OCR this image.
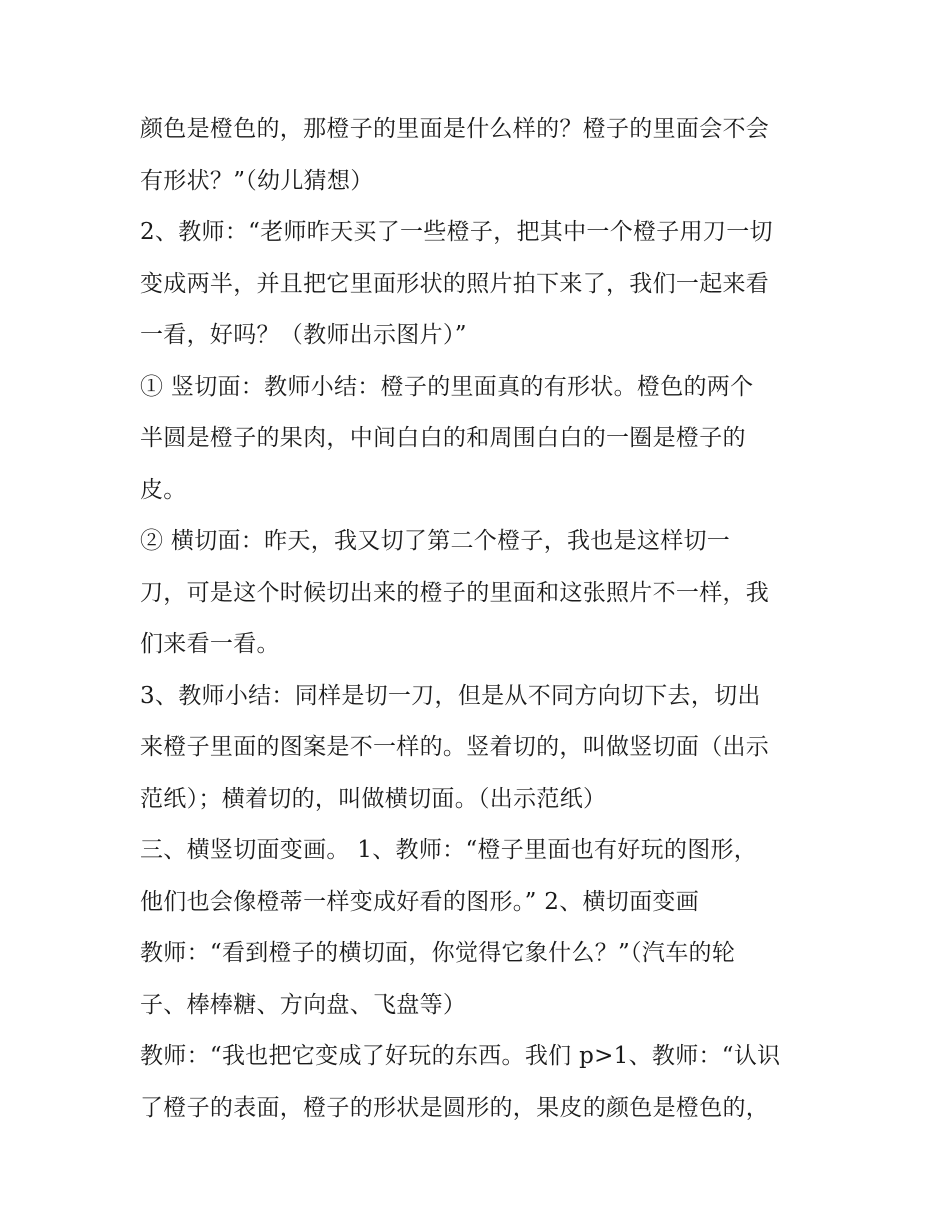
颜色是橙色的，那橙子的里面是什么样的？橙子的里面会不会
有形状？”（幼儿猜想）
2、教师：“老师昨天买了一些橙子，把其中一个橙子用刀一切
变成两半，并且把它里面形状的照片拍下来了，我们一起来看
一看，好吗？（教师出示图片）”
① 竖切面：教师小结：橙子的里面真的有形状。橙色的两个
半圆是橙子的果肉，中间白白的和周围白白的一圈是橙子的
皮。
② 横切面：昨天，我又切了第二个橙子，我也是这样切一
刀，可是这个时候切出来的橙子的里面和这张照片不一样，我
们来看一看。
3、教师小结：同样是切一刀，但是从不同方向切下去，切出
来橙子里面的图案是不一样的。竖着切的，叫做竖切面（出示
范纸）；横着切的，叫做横切面。（出示范纸）
三、横竖切面变画。 1、教师：“橙子里面也有好玩的图形，
他们也会像橙蒂一样变成好看的图形。” 2、横切面变画
教师：“看到橙子的横切面，你觉得它象什么？”（汽车的轮
子、棒棒糖、方向盘、飞盘等）
教师：“我也把它变成了好玩的东西。我们 p>1、教师：“认识
了橙子的表面，橙子的形状是圆形的，果皮的颜色是橙色的，
